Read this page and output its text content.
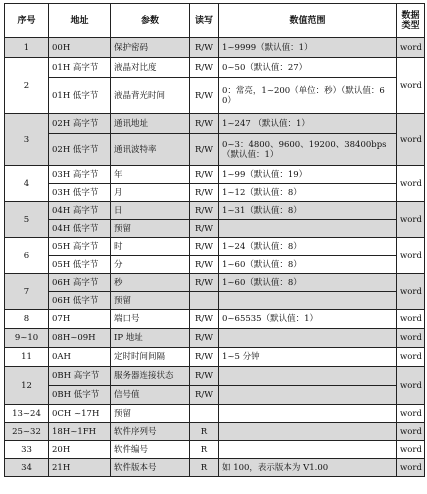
序号	地址	参数	读写	数值范围	数据类型
1	00H	保护密码	R/W	1~9999（默认值：1）	word
2	01H 高字节	液晶对比度	R/W	0~50（默认值：27）	word
	01H 低字节	液晶背光时间	R/W	0：常亮，1~200（单位：秒）（默认值：60）	
3	02H 高字节	通讯地址	R/W	1~247 （默认值：1）	word
	02H 低字节	通讯波特率	R/W	0~3：4800、9600、19200、38400bps（默认值：1）	
4	03H 高字节	年	R/W	1~99（默认值：19）	word
	03H 低字节	月	R/W	1~12（默认值：8）	
5	04H 高字节	日	R/W	1~31（默认值：8）	word
	04H 低字节	预留	R/W		
6	05H 高字节	时	R/W	1~24（默认值：8）	word
	05H 低字节	分	R/W	1~60（默认值：8）	
7	06H 高字节	秒	R/W	1~60（默认值：8）	word
	06H 低字节	预留			
8	07H	端口号	R/W	0~65535（默认值：1）	word
9~10	08H~09H	IP 地址	R/W		word
11	0AH	定时时间间隔	R/W	1~5 分钟	word
12	0BH 高字节	服务器连接状态	R/W		word
	0BH 低字节	信号值	R/W		
13~24	0CH ~17H	预留			word
25~32	18H~1FH	软件序列号	R		word
33	20H	软件编号	R		word
34	21H	软件版本号	R	如 100，表示版本为 V1.00	word
